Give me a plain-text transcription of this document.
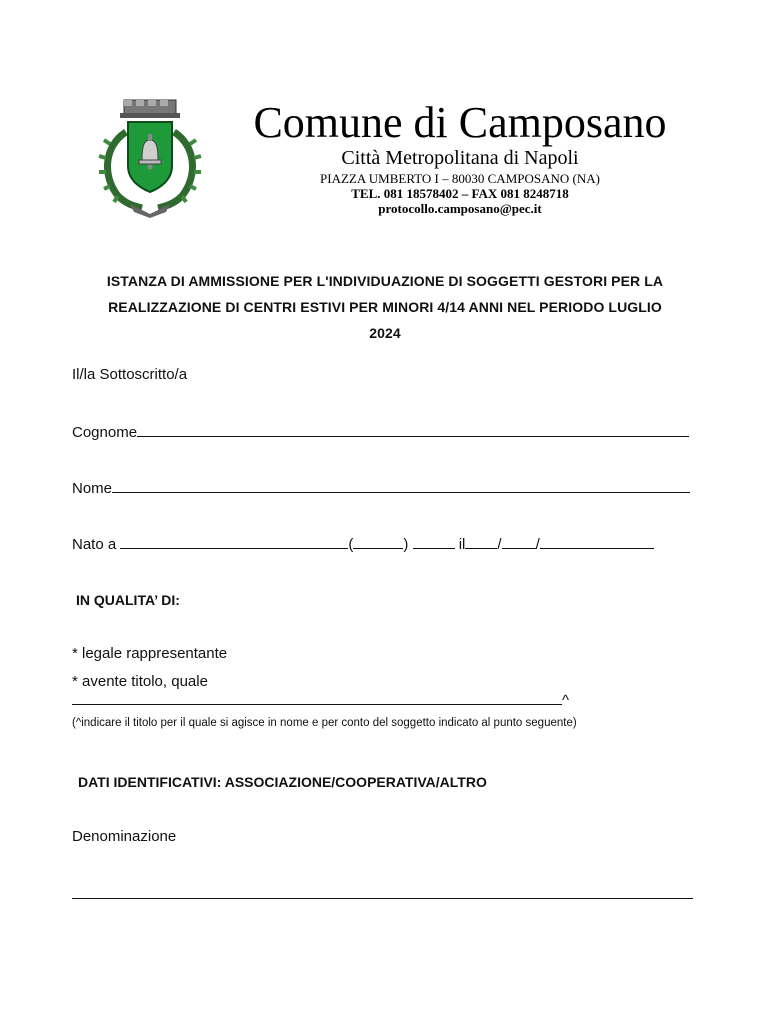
Comune di Camposano
Città Metropolitana di Napoli
PIAZZA UMBERTO I – 80030 CAMPOSANO (NA)
TEL. 081 18578402 – FAX 081 8248718
protocollo.camposano@pec.it
ISTANZA DI AMMISSIONE PER L'INDIVIDUAZIONE DI SOGGETTI GESTORI PER LA
REALIZZAZIONE DI CENTRI ESTIVI PER MINORI 4/14 ANNI NEL PERIODO LUGLIO
2024
Il/la Sottoscritto/a
Cognome
Nome
Nato a	(	)	il / /
IN QUALITA’ DI:
* legale rappresentante
* avente titolo, quale
^
(^indicare il titolo per il quale si agisce in nome e per conto del soggetto indicato al punto seguente)
DATI IDENTIFICATIVI: ASSOCIAZIONE/COOPERATIVA/ALTRO
Denominazione
